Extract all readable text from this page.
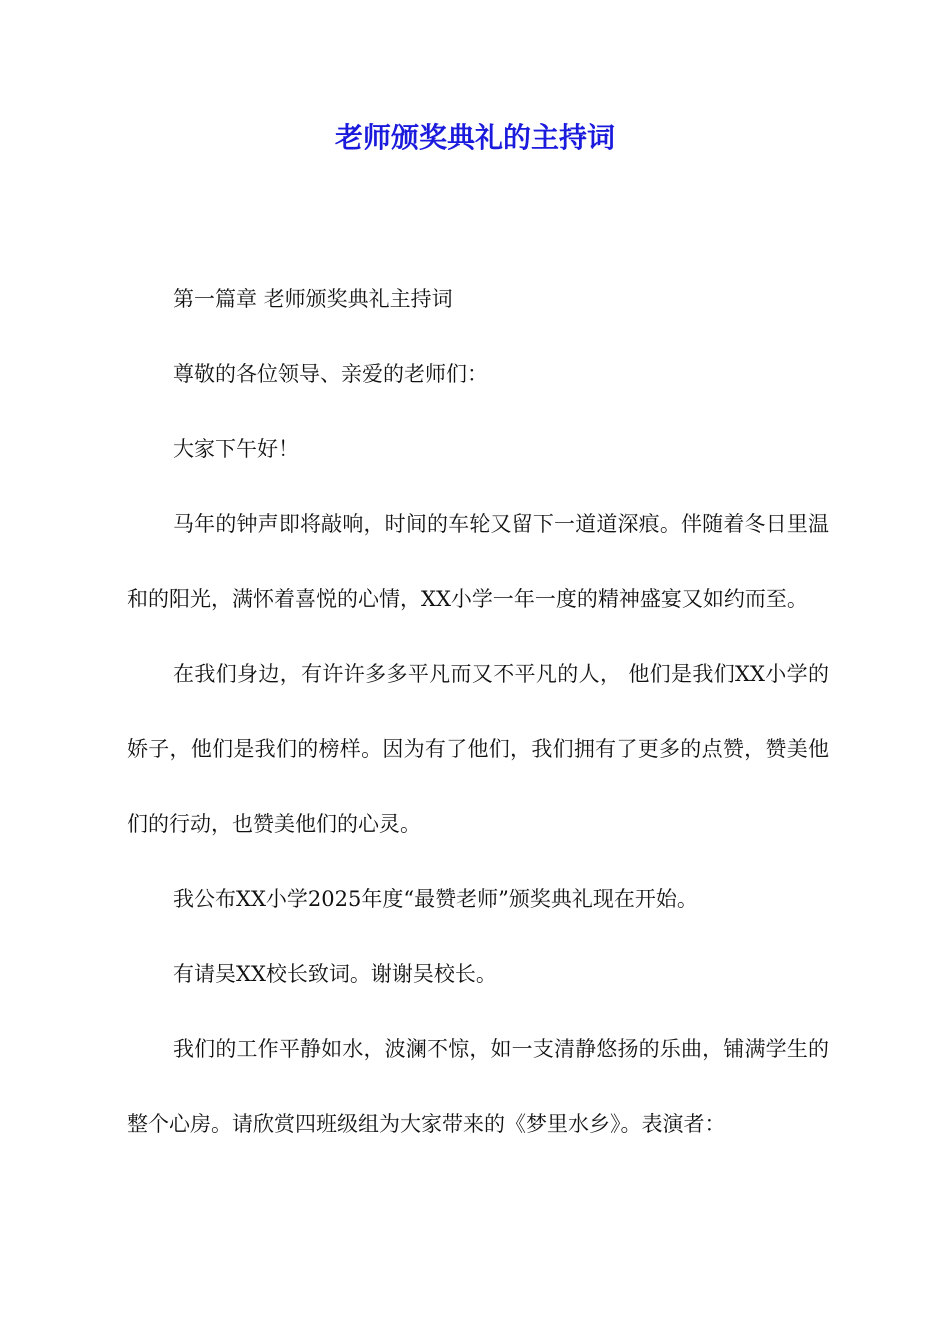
老师颁奖典礼的主持词

第一篇章 老师颁奖典礼主持词

尊敬的各位领导、亲爱的老师们：

大家下午好！

马年的钟声即将敲响，时间的车轮又留下一道道深痕。伴随着冬日里温和的阳光，满怀着喜悦的心情，XX小学一年一度的精神盛宴又如约而至。

在我们身边，有许许多多平凡而又不平凡的人， 他们是我们XX小学的娇子，他们是我们的榜样。因为有了他们，我们拥有了更多的点赞，赞美他们的行动，也赞美他们的心灵。

我公布XX小学2025年度“最赞老师”颁奖典礼现在开始。

有请吴XX校长致词。谢谢吴校长。

我们的工作平静如水，波澜不惊，如一支清静悠扬的乐曲，铺满学生的整个心房。请欣赏四班级组为大家带来的《梦里水乡》。表演者：
